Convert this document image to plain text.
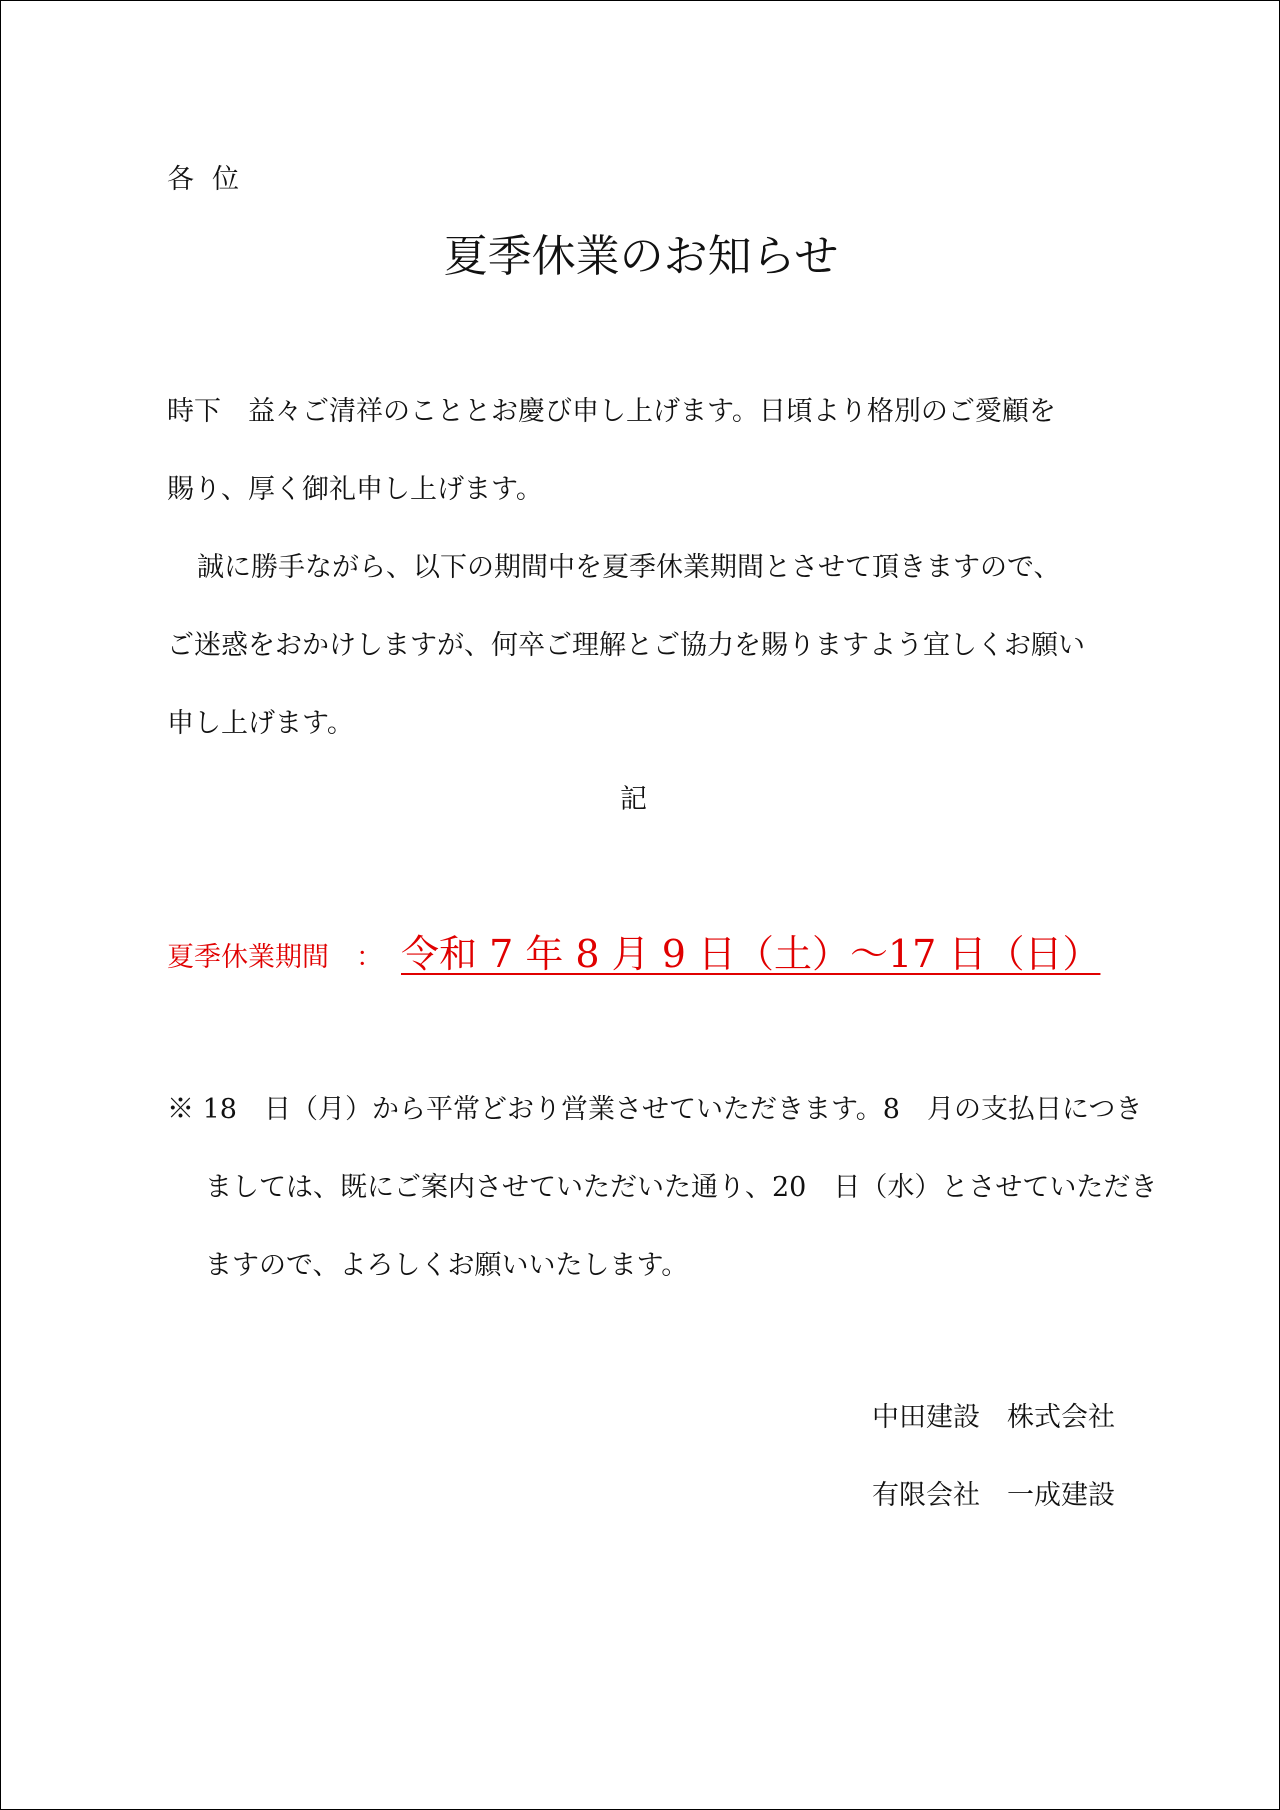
各位
夏季休業のお知らせ
時下　益々ご清祥のこととお慶び申し上げます。日頃より格別のご愛顧を
賜り、厚く御礼申し上げます。
誠に勝手ながら、以下の期間中を夏季休業期間とさせて頂きますので、
ご迷惑をおかけしますが、何卒ご理解とご協力を賜りますよう宜しくお願い
申し上げます。
記
夏季休業期間　： 令和 7 年 8 月 9 日（土）～17 日（日）
※ 18　日（月）から平常どおり営業させていただきます。8　月の支払日につき
ましては、既にご案内させていただいた通り、20　日（水）とさせていただき
ますので、よろしくお願いいたします。
中田建設　株式会社
有限会社　一成建設
